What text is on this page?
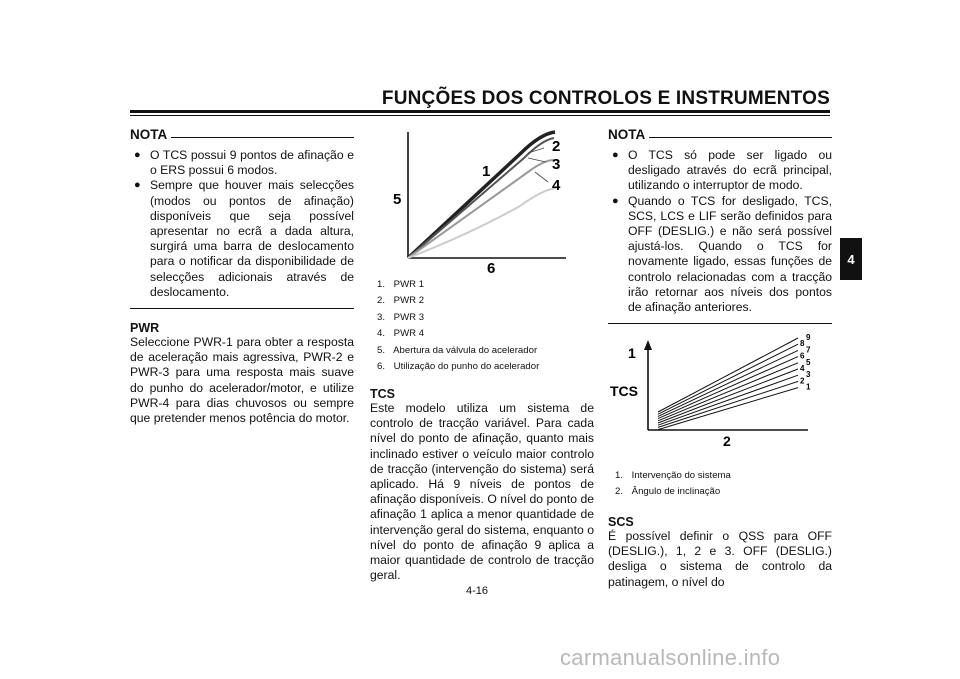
FUNÇÕES DOS CONTROLOS E INSTRUMENTOS
4
NOTA
● O TCS possui 9 pontos de afinação e o ERS possui 6 modos.
● Sempre que houver mais selecções (modos ou pontos de afinação) disponíveis que seja possível apresentar no ecrã a dada altura, surgirá uma barra de deslocamento para o notificar da disponibilidade de selecções adicionais através de deslocamento.
PWR
Seleccione PWR-1 para obter a resposta de aceleração mais agressiva, PWR-2 e PWR-3 para uma resposta mais suave do punho do acelerador/motor, e utilize PWR-4 para dias chuvosos ou sempre que pretender menos potência do motor.
1
2
3
4
5
6
1. PWR 1
2. PWR 2
3. PWR 3
4. PWR 4
5. Abertura da válvula do acelerador
6. Utilização do punho do acelerador
TCS
Este modelo utiliza um sistema de controlo de tracção variável. Para cada nível do ponto de afinação, quanto mais inclinado estiver o veículo maior controlo de tracção (intervenção do sistema) será aplicado. Há 9 níveis de pontos de afinação disponíveis. O nível do ponto de afinação 1 aplica a menor quantidade de intervenção geral do sistema, enquanto o nível do ponto de afinação 9 aplica a maior quantidade de controlo de tracção geral.
NOTA
● O TCS só pode ser ligado ou desligado através do ecrã principal, utilizando o interruptor de modo.
● Quando o TCS for desligado, TCS, SCS, LCS e LIF serão definidos para OFF (DESLIG.) e não será possível ajustá-los. Quando o TCS for novamente ligado, essas funções de controlo relacionadas com a tracção irão retornar aos níveis dos pontos de afinação anteriores.
9
8
7
6
5
4
3
2
1
1
TCS
2
1. Intervenção do sistema
2. Ângulo de inclinação
SCS
É possível definir o QSS para OFF (DESLIG.), 1, 2 e 3. OFF (DESLIG.) desliga o sistema de controlo da patinagem, o nível do
4-16
carmanualsonline.info
